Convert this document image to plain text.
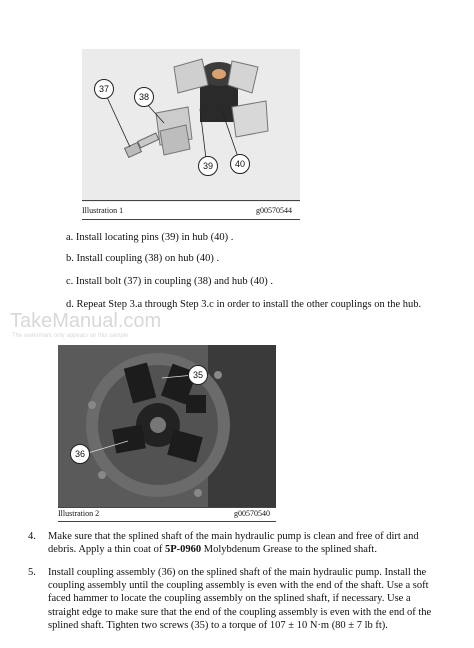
37
38
39	40
Illustration 1	g00570544
a. Install locating pins (39) in hub (40) .
b. Install coupling (38) on hub (40) .
c. Install bolt (37) in coupling (38) and hub (40) .
d. Repeat Step 3.a through Step 3.c in order to install the other couplings on the hub.
TakeManual.com
The watermark only appears on this sample
35
36
Illustration 2	g00570540
4. Make sure that the splined shaft of the main hydraulic pump is clean and free of dirt and
debris. Apply a thin coat of 5P-0960 Molybdenum Grease to the splined shaft.
5. Install coupling assembly (36) on the splined shaft of the main hydraulic pump. Install the
coupling assembly until the coupling assembly is even with the end of the shaft. Use a soft
faced hammer to locate the coupling assembly on the splined shaft, if necessary. Use a
straight edge to make sure that the end of the coupling assembly is even with the end of the
splined shaft. Tighten two screws (35) to a torque of 107 ± 10 N·m (80 ± 7 lb ft).
